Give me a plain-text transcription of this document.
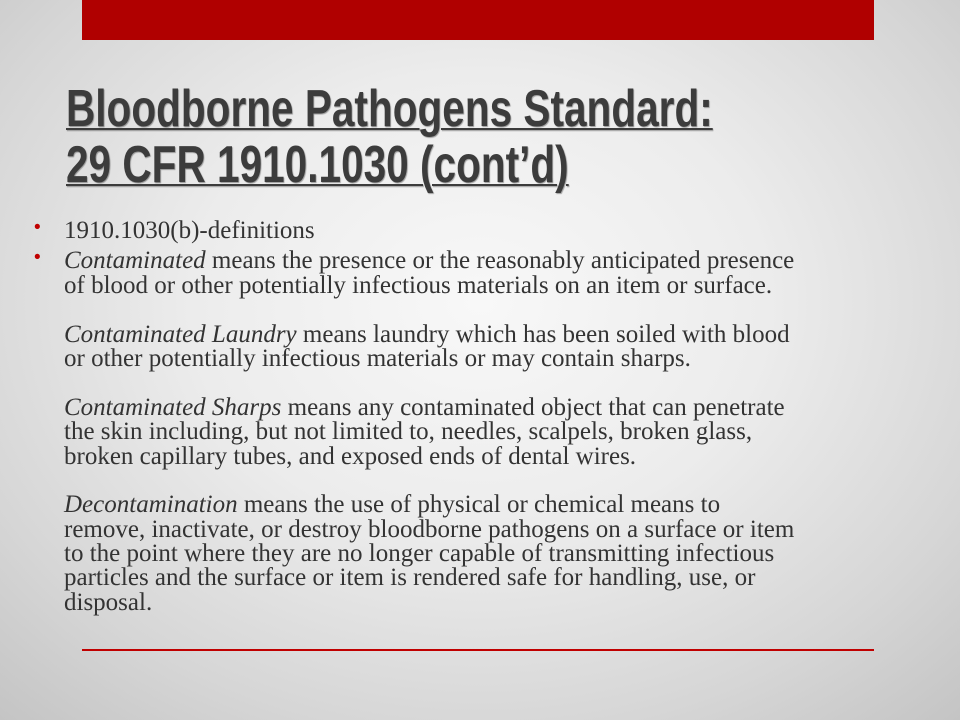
Bloodborne Pathogens Standard:
29 CFR 1910.1030 (cont’d)
•
1910.1030(b)-definitions
•
Contaminated means the presence or the reasonably anticipated presence
of blood or other potentially infectious materials on an item or surface.
Contaminated Laundry means laundry which has been soiled with blood
or other potentially infectious materials or may contain sharps.
Contaminated Sharps means any contaminated object that can penetrate
the skin including, but not limited to, needles, scalpels, broken glass,
broken capillary tubes, and exposed ends of dental wires.
Decontamination means the use of physical or chemical means to
remove, inactivate, or destroy bloodborne pathogens on a surface or item
to the point where they are no longer capable of transmitting infectious
particles and the surface or item is rendered safe for handling, use, or
disposal.
